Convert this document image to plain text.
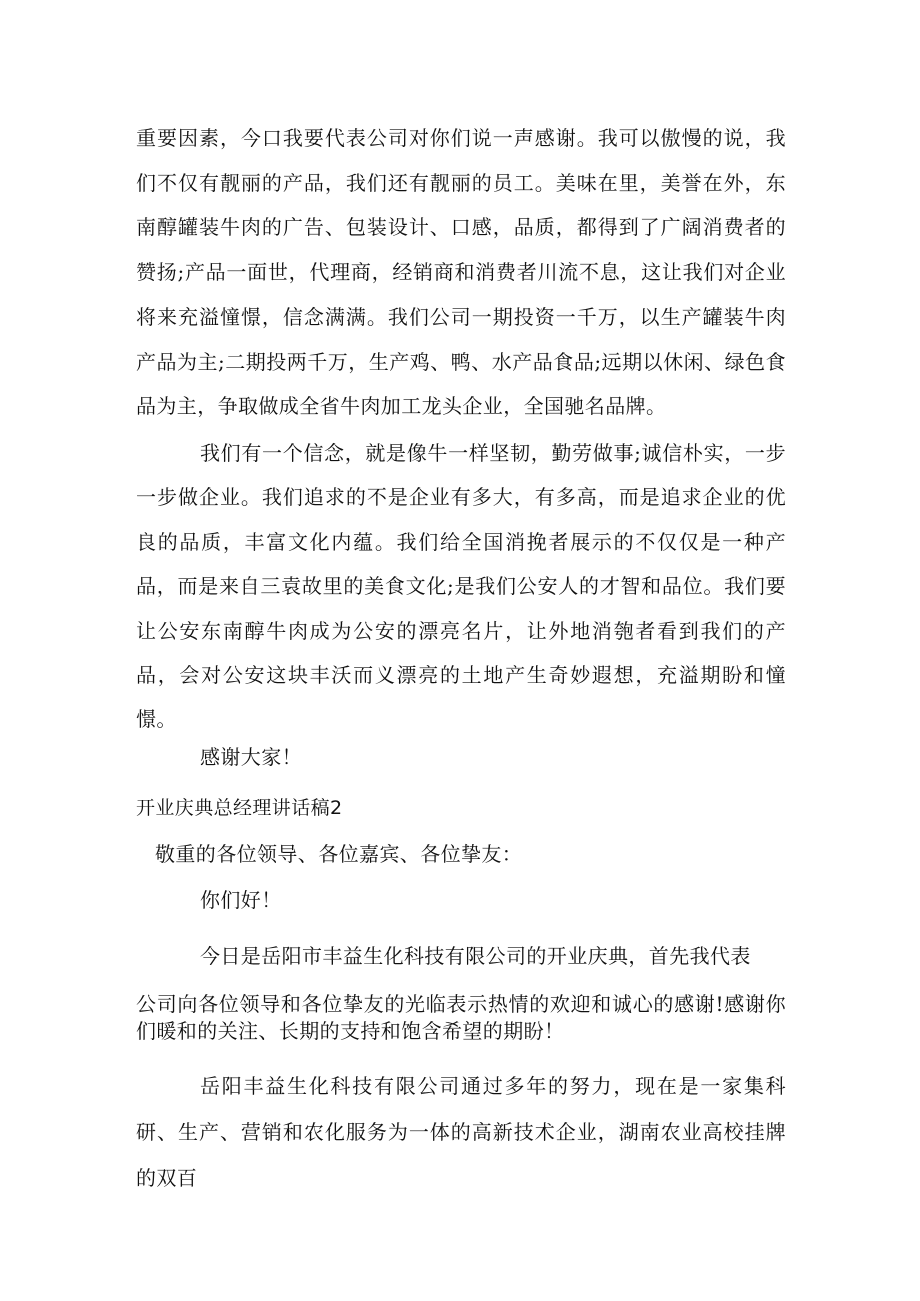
重要因素，今口我要代表公司对你们说一声感谢。我可以傲慢的说，我们不仅有靓丽的产品，我们还有靓丽的员工。美味在里，美誉在外，东南醇罐装牛肉的广告、包装设计、口感，品质，都得到了广阔消费者的赞扬;产品一面世，代理商，经销商和消费者川流不息，这让我们对企业将来充溢憧憬，信念满满。我们公司一期投资一千万，以生产罐装牛肉产品为主;二期投两千万，生产鸡、鸭、水产品食品;远期以休闲、绿色食品为主，争取做成全省牛肉加工龙头企业，全国驰名品牌。

我们有一个信念，就是像牛一样坚韧，勤劳做事;诚信朴实，一步一步做企业。我们追求的不是企业有多大，有多高，而是追求企业的优良的品质，丰富文化内蕴。我们给全国消挽者展示的不仅仅是一种产品，而是来自三袁故里的美食文化;是我们公安人的才智和品位。我们要让公安东南醇牛肉成为公安的漂亮名片，让外地消匏者看到我们的产品，会对公安这块丰沃而义漂亮的土地产生奇妙遐想，充溢期盼和憧憬。

感谢大家！

开业庆典总经理讲话稿2

敬重的各位领导、各位嘉宾、各位挚友：

你们好！

今日是岳阳市丰益生化科技有限公司的开业庆典，首先我代表

公司向各位领导和各位挚友的光临表示热情的欢迎和诚心的感谢!感谢你们暖和的关注、长期的支持和饱含希望的期盼！

岳阳丰益生化科技有限公司通过多年的努力，现在是一家集科研、生产、营销和农化服务为一体的高新技术企业，湖南农业高校挂牌的双百
